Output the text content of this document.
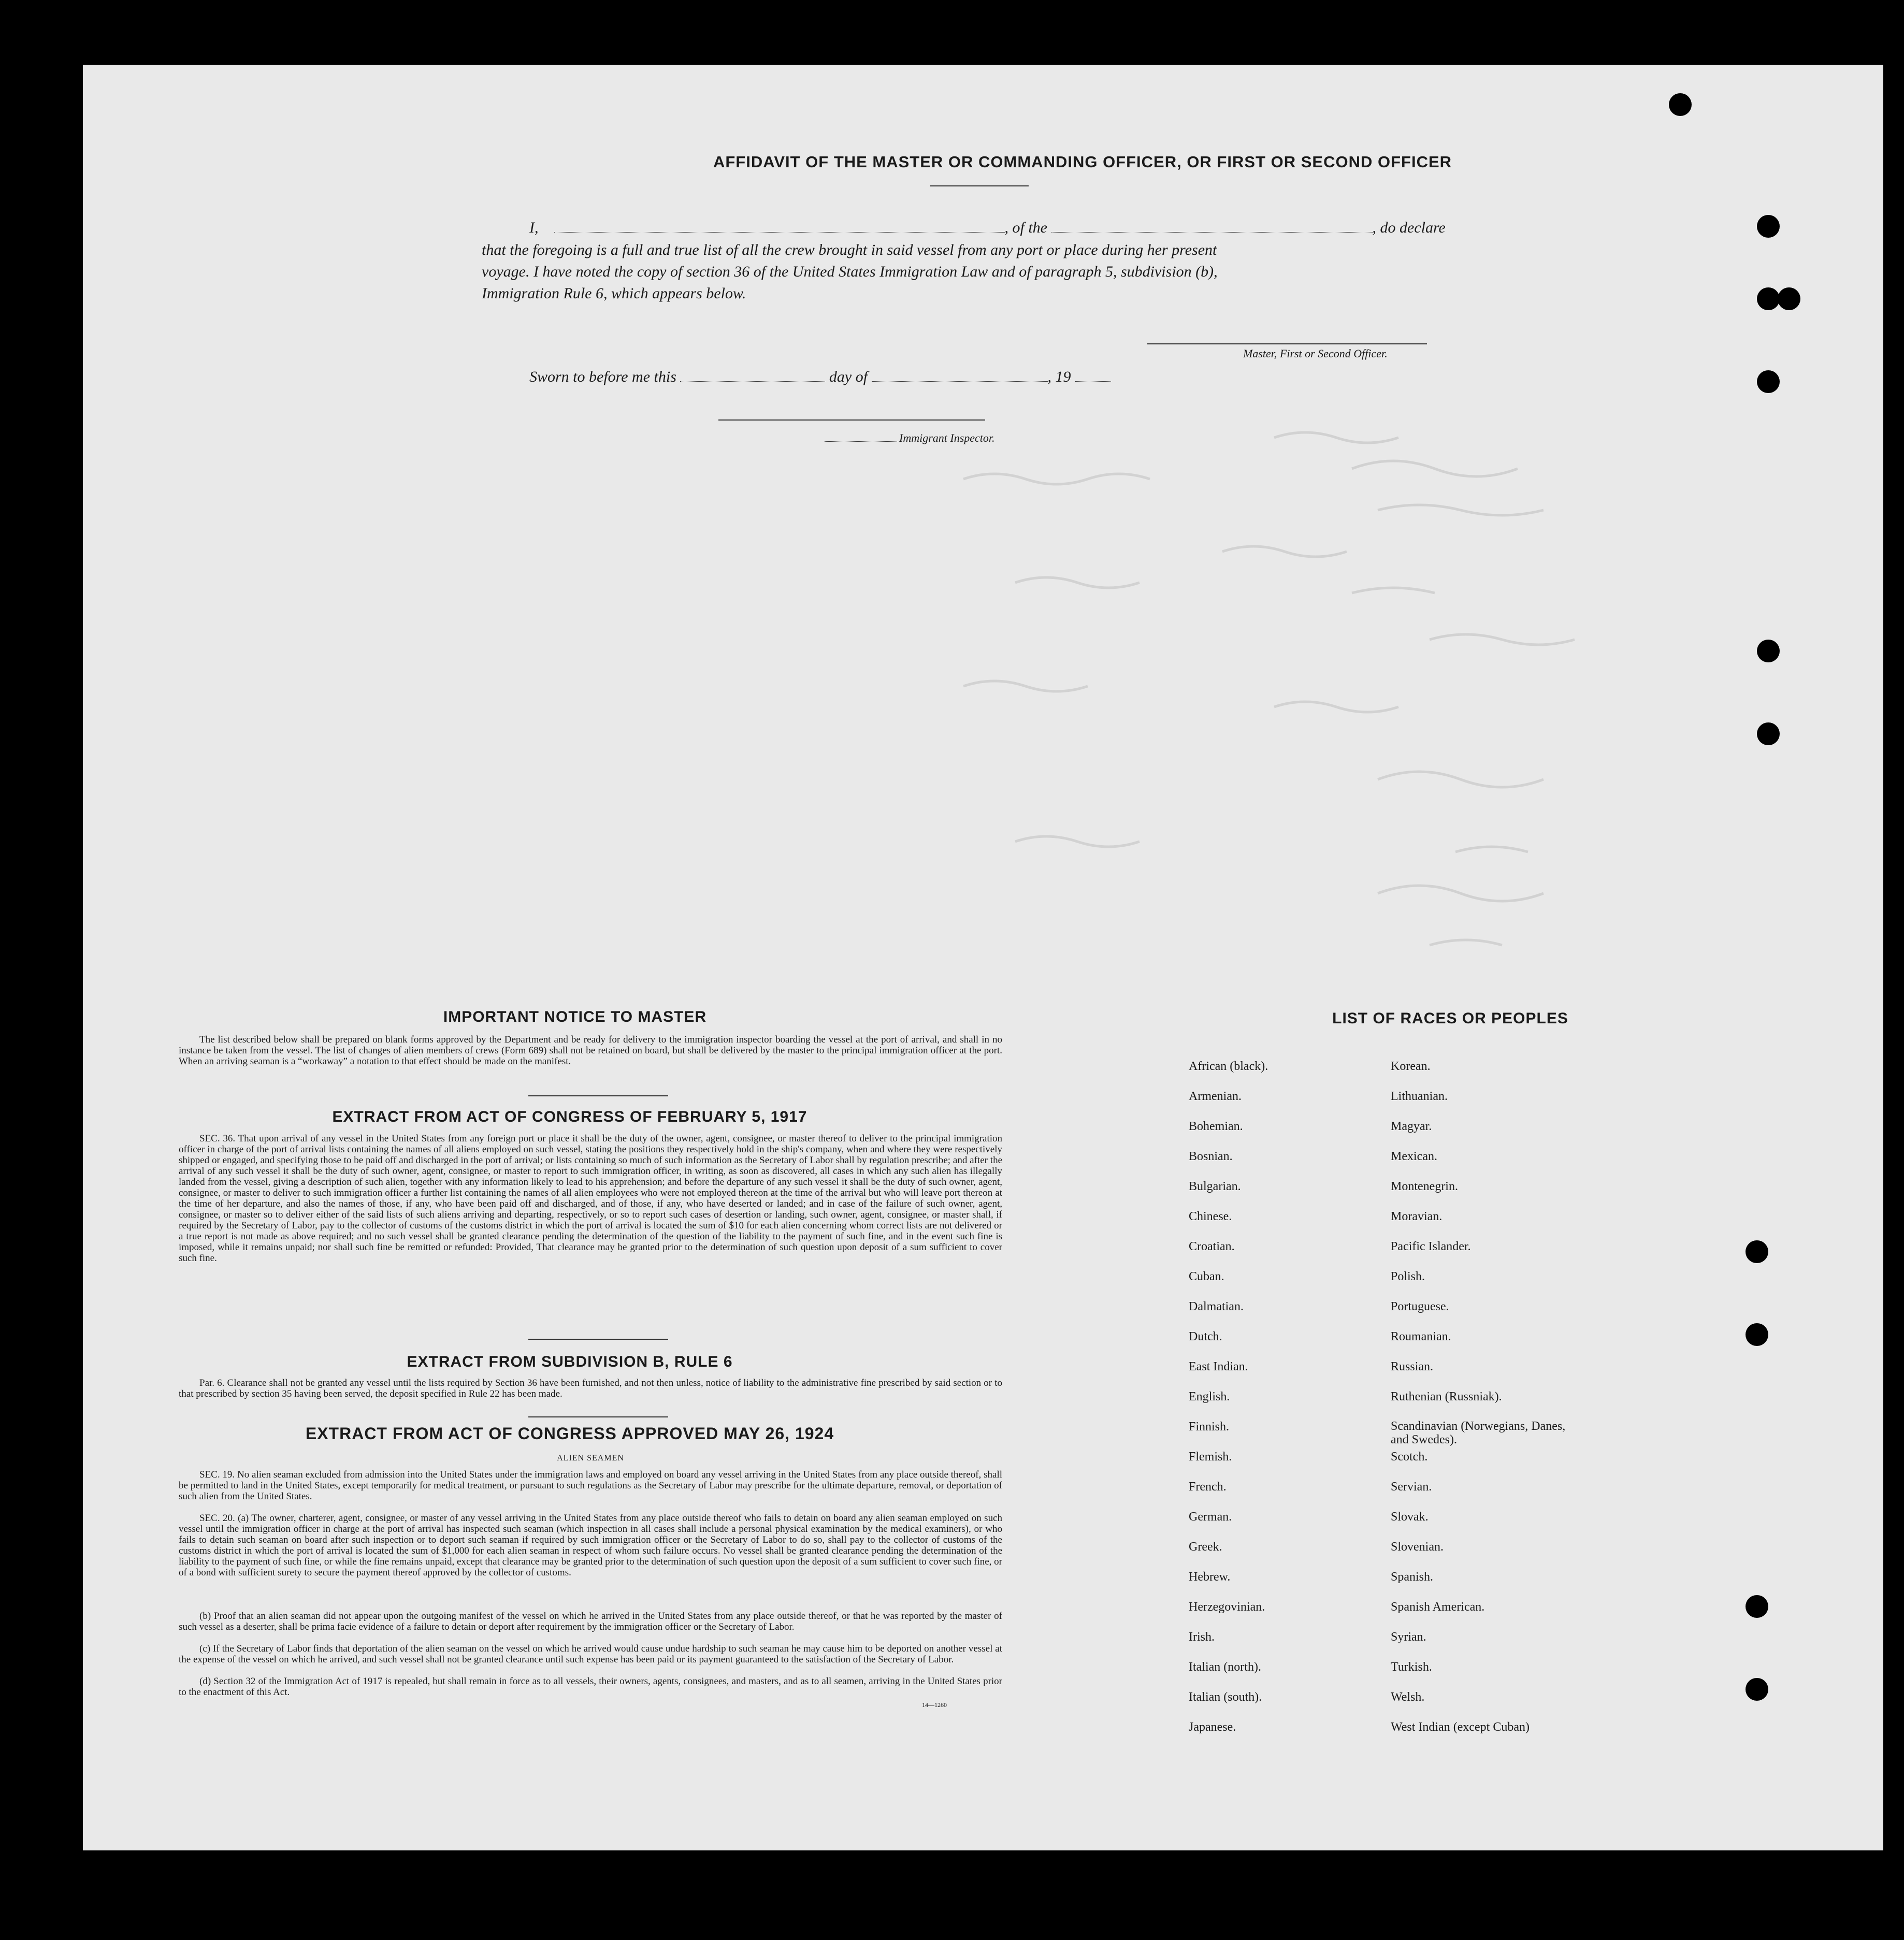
AFFIDAVIT OF THE MASTER OR COMMANDING OFFICER, OR FIRST OR SECOND OFFICER
I,	, of the	, do declare
that the foregoing is a full and true list of all the crew brought in said vessel from any port or place during her present
voyage. I have noted the copy of section 36 of the United States Immigration Law and of paragraph 5, subdivision (b),
Immigration Rule 6, which appears below.
Master, First or Second Officer.
Sworn to before me this	day of	, 19
Immigrant Inspector.
IMPORTANT NOTICE TO MASTER
The list described below shall be prepared on blank forms approved by the Department and be ready for delivery to the immigration inspector boarding the vessel at the port of arrival, and shall in no instance be taken from the vessel. The list of changes of alien members of crews (Form 689) shall not be retained on board, but shall be delivered by the master to the principal immigration officer at the port. When an arriving seaman is a “workaway” a notation to that effect should be made on the manifest.
EXTRACT FROM ACT OF CONGRESS OF FEBRUARY 5, 1917
SEC. 36. That upon arrival of any vessel in the United States from any foreign port or place it shall be the duty of the owner, agent, consignee, or master thereof to deliver to the principal immigration officer in charge of the port of arrival lists containing the names of all aliens employed on such vessel, stating the positions they respectively hold in the ship's company, when and where they were respectively shipped or engaged, and specifying those to be paid off and discharged in the port of arrival; or lists containing so much of such information as the Secretary of Labor shall by regulation prescribe; and after the arrival of any such vessel it shall be the duty of such owner, agent, consignee, or master to report to such immigration officer, in writing, as soon as discovered, all cases in which any such alien has illegally landed from the vessel, giving a description of such alien, together with any information likely to lead to his apprehension; and before the departure of any such vessel it shall be the duty of such owner, agent, consignee, or master to deliver to such immigration officer a further list containing the names of all alien employees who were not employed thereon at the time of the arrival but who will leave port thereon at the time of her departure, and also the names of those, if any, who have been paid off and discharged, and of those, if any, who have deserted or landed; and in case of the failure of such owner, agent, consignee, or master so to deliver either of the said lists of such aliens arriving and departing, respectively, or so to report such cases of desertion or landing, such owner, agent, consignee, or master shall, if required by the Secretary of Labor, pay to the collector of customs of the customs district in which the port of arrival is located the sum of $10 for each alien concerning whom correct lists are not delivered or a true report is not made as above required; and no such vessel shall be granted clearance pending the determination of the question of the liability to the payment of such fine, and in the event such fine is imposed, while it remains unpaid; nor shall such fine be remitted or refunded: Provided, That clearance may be granted prior to the determination of such question upon deposit of a sum sufficient to cover such fine.
EXTRACT FROM SUBDIVISION B, RULE 6
Par. 6. Clearance shall not be granted any vessel until the lists required by Section 36 have been furnished, and not then unless, notice of liability to the administrative fine prescribed by said section or to that prescribed by section 35 having been served, the deposit specified in Rule 22 has been made.
EXTRACT FROM ACT OF CONGRESS APPROVED MAY 26, 1924
ALIEN SEAMEN
SEC. 19. No alien seaman excluded from admission into the United States under the immigration laws and employed on board any vessel arriving in the United States from any place outside thereof, shall be permitted to land in the United States, except temporarily for medical treatment, or pursuant to such regulations as the Secretary of Labor may prescribe for the ultimate departure, removal, or deportation of such alien from the United States.
SEC. 20. (a) The owner, charterer, agent, consignee, or master of any vessel arriving in the United States from any place outside thereof who fails to detain on board any alien seaman employed on such vessel until the immigration officer in charge at the port of arrival has inspected such seaman (which inspection in all cases shall include a personal physical examination by the medical examiners), or who fails to detain such seaman on board after such inspection or to deport such seaman if required by such immigration officer or the Secretary of Labor to do so, shall pay to the collector of customs of the customs district in which the port of arrival is located the sum of $1,000 for each alien seaman in respect of whom such failure occurs. No vessel shall be granted clearance pending the determination of the liability to the payment of such fine, or while the fine remains unpaid, except that clearance may be granted prior to the determination of such question upon the deposit of a sum sufficient to cover such fine, or of a bond with sufficient surety to secure the payment thereof approved by the collector of customs.
(b) Proof that an alien seaman did not appear upon the outgoing manifest of the vessel on which he arrived in the United States from any place outside thereof, or that he was reported by the master of such vessel as a deserter, shall be prima facie evidence of a failure to detain or deport after requirement by the immigration officer or the Secretary of Labor.
(c) If the Secretary of Labor finds that deportation of the alien seaman on the vessel on which he arrived would cause undue hardship to such seaman he may cause him to be deported on another vessel at the expense of the vessel on which he arrived, and such vessel shall not be granted clearance until such expense has been paid or its payment guaranteed to the satisfaction of the Secretary of Labor.
(d) Section 32 of the Immigration Act of 1917 is repealed, but shall remain in force as to all vessels, their owners, agents, consignees, and masters, and as to all seamen, arriving in the United States prior to the enactment of this Act.
14—1260
LIST OF RACES OR PEOPLES
African (black).
Armenian.
Bohemian.
Bosnian.
Bulgarian.
Chinese.
Croatian.
Cuban.
Dalmatian.
Dutch.
East Indian.
English.
Finnish.
Flemish.
French.
German.
Greek.
Hebrew.
Herzegovinian.
Irish.
Italian (north).
Italian (south).
Japanese.
Korean.
Lithuanian.
Magyar.
Mexican.
Montenegrin.
Moravian.
Pacific Islander.
Polish.
Portuguese.
Roumanian.
Russian.
Ruthenian (Russniak).
Scandinavian (Norwegians, Danes, and Swedes).
Scotch.
Servian.
Slovak.
Slovenian.
Spanish.
Spanish American.
Syrian.
Turkish.
Welsh.
West Indian (except Cuban)
